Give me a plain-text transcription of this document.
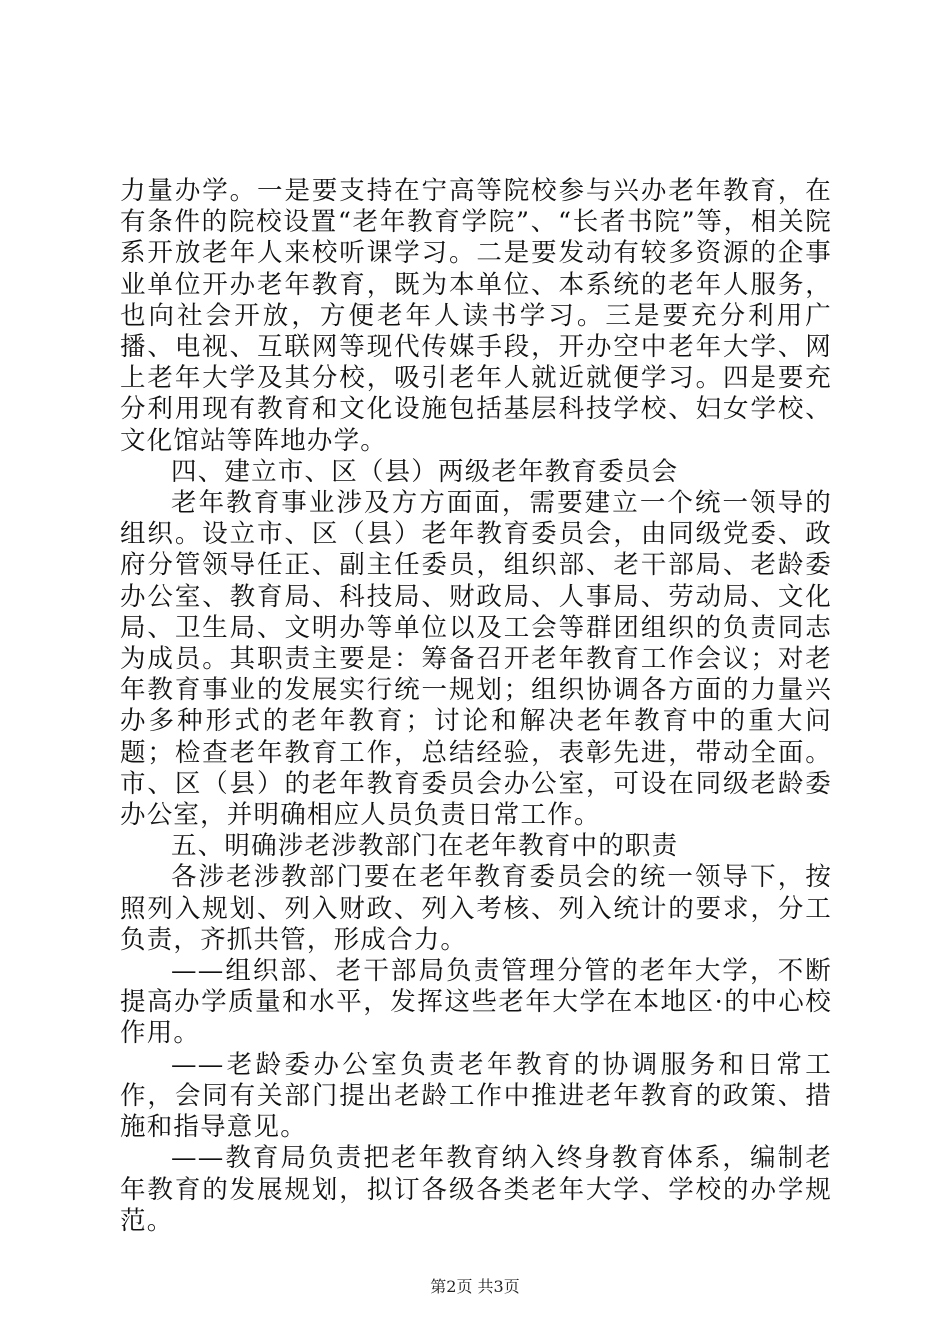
力量办学。一是要支持在宁高等院校参与兴办老年教育，在有条件的院校设置“老年教育学院”、“长者书院”等，相关院系开放老年人来校听课学习。二是要发动有较多资源的企事业单位开办老年教育，既为本单位、本系统的老年人服务，也向社会开放，方便老年人读书学习。三是要充分利用广播、电视、互联网等现代传媒手段，开办空中老年大学、网上老年大学及其分校，吸引老年人就近就便学习。四是要充分利用现有教育和文化设施包括基层科技学校、妇女学校、文化馆站等阵地办学。

四、建立市、区（县）两级老年教育委员会

老年教育事业涉及方方面面，需要建立一个统一领导的组织。设立市、区（县）老年教育委员会，由同级党委、政府分管领导任正、副主任委员，组织部、老干部局、老龄委办公室、教育局、科技局、财政局、人事局、劳动局、文化局、卫生局、文明办等单位以及工会等群团组织的负责同志为成员。其职责主要是：筹备召开老年教育工作会议；对老年教育事业的发展实行统一规划；组织协调各方面的力量兴办多种形式的老年教育；讨论和解决老年教育中的重大问题；检查老年教育工作，总结经验，表彰先进，带动全面。市、区（县）的老年教育委员会办公室，可设在同级老龄委办公室，并明确相应人员负责日常工作。

五、明确涉老涉教部门在老年教育中的职责

各涉老涉教部门要在老年教育委员会的统一领导下，按照列入规划、列入财政、列入考核、列入统计的要求，分工负责，齐抓共管，形成合力。

——组织部、老干部局负责管理分管的老年大学，不断提高办学质量和水平，发挥这些老年大学在本地区·的中心校作用。

——老龄委办公室负责老年教育的协调服务和日常工作，会同有关部门提出老龄工作中推进老年教育的政策、措施和指导意见。

——教育局负责把老年教育纳入终身教育体系，编制老年教育的发展规划，拟订各级各类老年大学、学校的办学规范。

第2页 共3页
